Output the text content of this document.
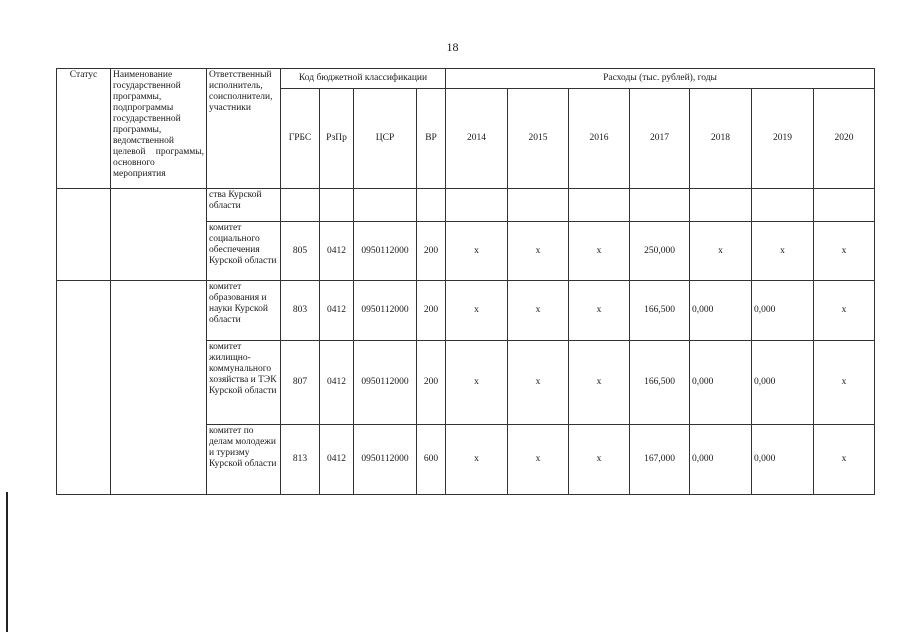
18
Статус	Наименование государственной программы, подпрограммы государственной программы, ведомственной целевой программы, основного мероприятия	Ответственный исполнитель, соисполнители, участники	Код бюджетной классификации				Расходы (тыс. рублей), годы						
			ГРБС	РзПр	ЦСР	ВР	2014	2015	2016	2017	2018	2019	2020

		ства Курской области											
		комитет социального обеспечения Курской области	805	0412	0950112000	200	х	х	х	250,000	х	х	х
		комитет образования и науки Курской области	803	0412	0950112000	200	х	х	х	166,500	0,000	0,000	х
		комитет жилищно-коммунального хозяйства и ТЭК Курской области	807	0412	0950112000	200	х	х	х	166,500	0,000	0,000	х
		комитет по делам молодежи и туризму Курской области	813	0412	0950112000	600	х	х	х	167,000	0,000	0,000	х
